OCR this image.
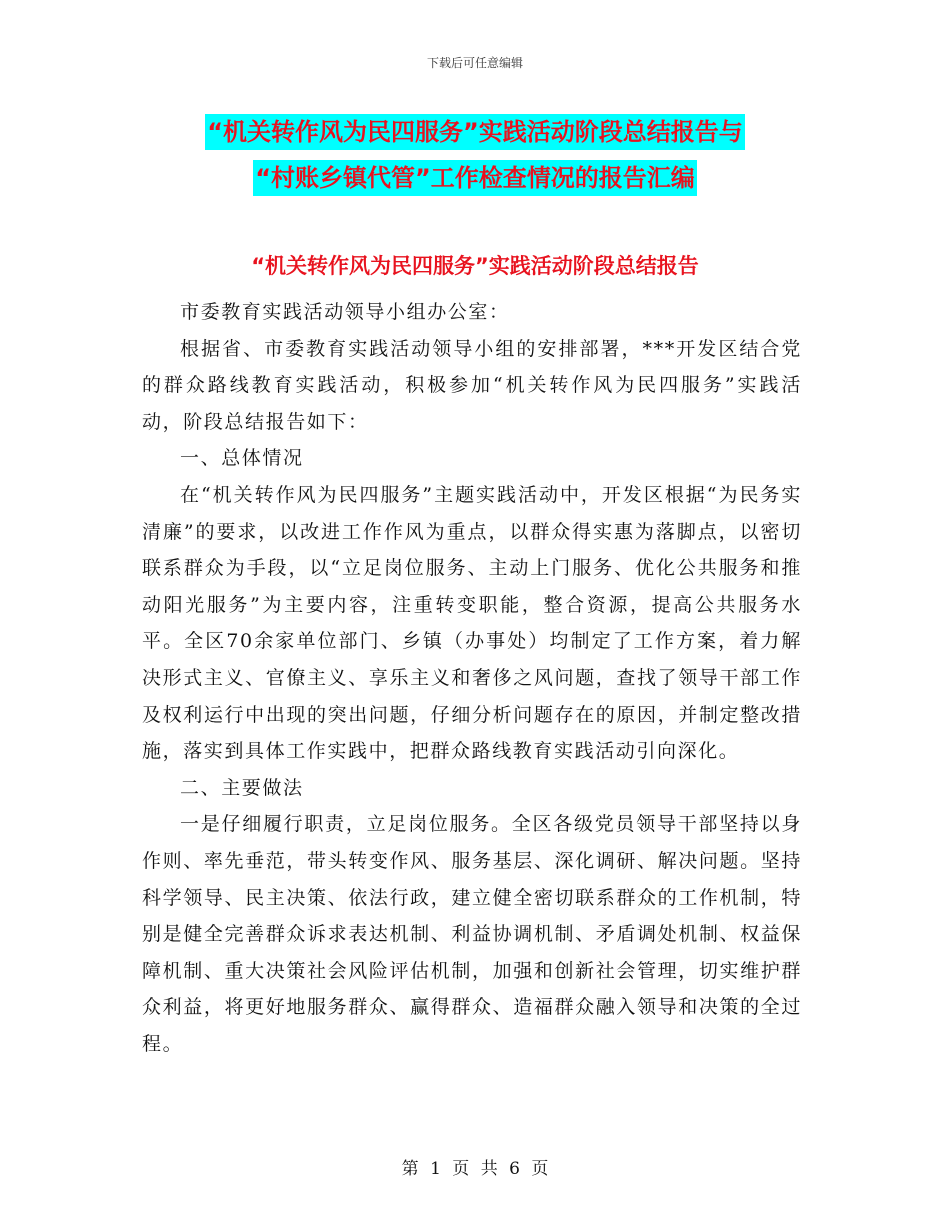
下载后可任意编辑
“机关转作风为民四服务”实践活动阶段总结报告与
“村账乡镇代管”工作检查情况的报告汇编
“机关转作风为民四服务”实践活动阶段总结报告

市委教育实践活动领导小组办公室：

根据省、市委教育实践活动领导小组的安排部署，***开发区结合党的群众路线教育实践活动，积极参加“机关转作风为民四服务”实践活动，阶段总结报告如下：

一、总体情况

在“机关转作风为民四服务”主题实践活动中，开发区根据“为民务实清廉”的要求，以改进工作作风为重点，以群众得实惠为落脚点，以密切联系群众为手段，以“立足岗位服务、主动上门服务、优化公共服务和推动阳光服务”为主要内容，注重转变职能，整合资源，提高公共服务水平。全区70余家单位部门、乡镇（办事处）均制定了工作方案，着力解决形式主义、官僚主义、享乐主义和奢侈之风问题，查找了领导干部工作及权利运行中出现的突出问题，仔细分析问题存在的原因，并制定整改措施，落实到具体工作实践中，把群众路线教育实践活动引向深化。

二、主要做法

一是仔细履行职责，立足岗位服务。全区各级党员领导干部坚持以身作则、率先垂范，带头转变作风、服务基层、深化调研、解决问题。坚持科学领导、民主决策、依法行政，建立健全密切联系群众的工作机制，特别是健全完善群众诉求表达机制、利益协调机制、矛盾调处机制、权益保障机制、重大决策社会风险评估机制，加强和创新社会管理，切实维护群众利益，将更好地服务群众、赢得群众、造福群众融入领导和决策的全过程。

第 1 页 共 6 页
